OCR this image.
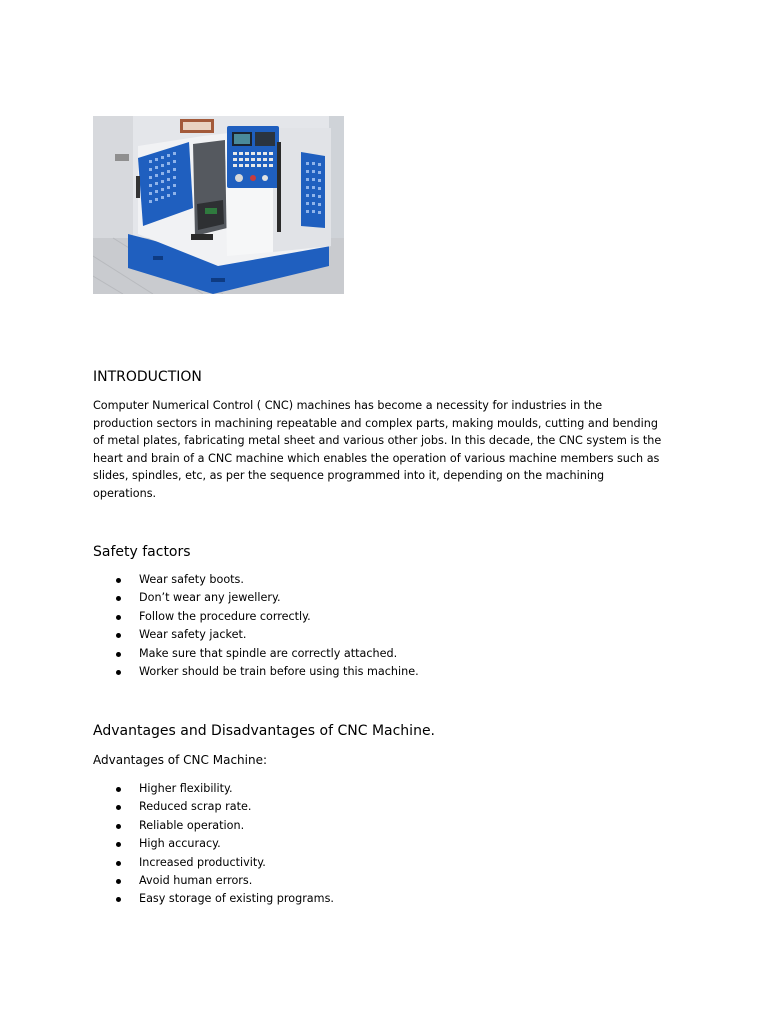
INTRODUCTION

Computer Numerical Control ( CNC) machines has become a necessity for industries in the
production sectors in machining repeatable and complex parts, making moulds, cutting and bending
of metal plates, fabricating metal sheet and various other jobs. In this decade, the CNC system is the
heart and brain of a CNC machine which enables the operation of various machine members such as
slides, spindles, etc, as per the sequence programmed into it, depending on the machining
operations.

Safety factors
Wear safety boots.
Don’t wear any jewellery.
Follow the procedure correctly.
Wear safety jacket.
Make sure that spindle are correctly attached.
Worker should be train before using this machine.
Advantages and Disadvantages of CNC Machine.

Advantages of CNC Machine:

Higher flexibility.
Reduced scrap rate.
Reliable operation.
High accuracy.
Increased productivity.
Avoid human errors.
Easy storage of existing programs.
